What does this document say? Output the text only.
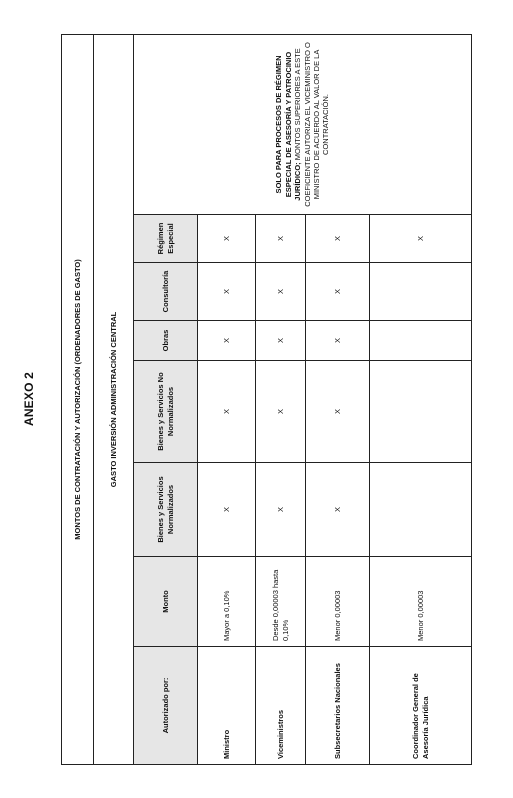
ANEXO 2	MONTOS DE CONTRATACIÓN Y AUTORIZACIÓN (ORDENADORES DE GASTO)							
GASTO INVERSIÓN ADMINISTRACIÓN CENTRAL							
Autorizado por:	Monto	Bienes y Servicios Normalizados	Bienes y Servicios No Normalizados	Obras	Consultoría	Régimen Especial	SOLO PARA PROCESOS DE RÉGIMEN ESPECIAL DE ASESORÍA Y PATROCINIO JURÍDICO; MONTOS SUPERIORES A ESTE COEFICIENTE AUTORIZA EL VICEMINISTRO O MINISTRO DE ACUERDO AL VALOR DE LA CONTRATACIÓN.
Ministro	Mayor a 0,10%	X	X	X	X	X	
Viceministros	Desde 0,00003 hasta 0,10%	X	X	X	X	X	
Subsecretarios Nacionales	Menor 0,00003	X	X	X	X	X	
Coordinador General de Asesoría Jurídica	Menor 0,00003					X	
